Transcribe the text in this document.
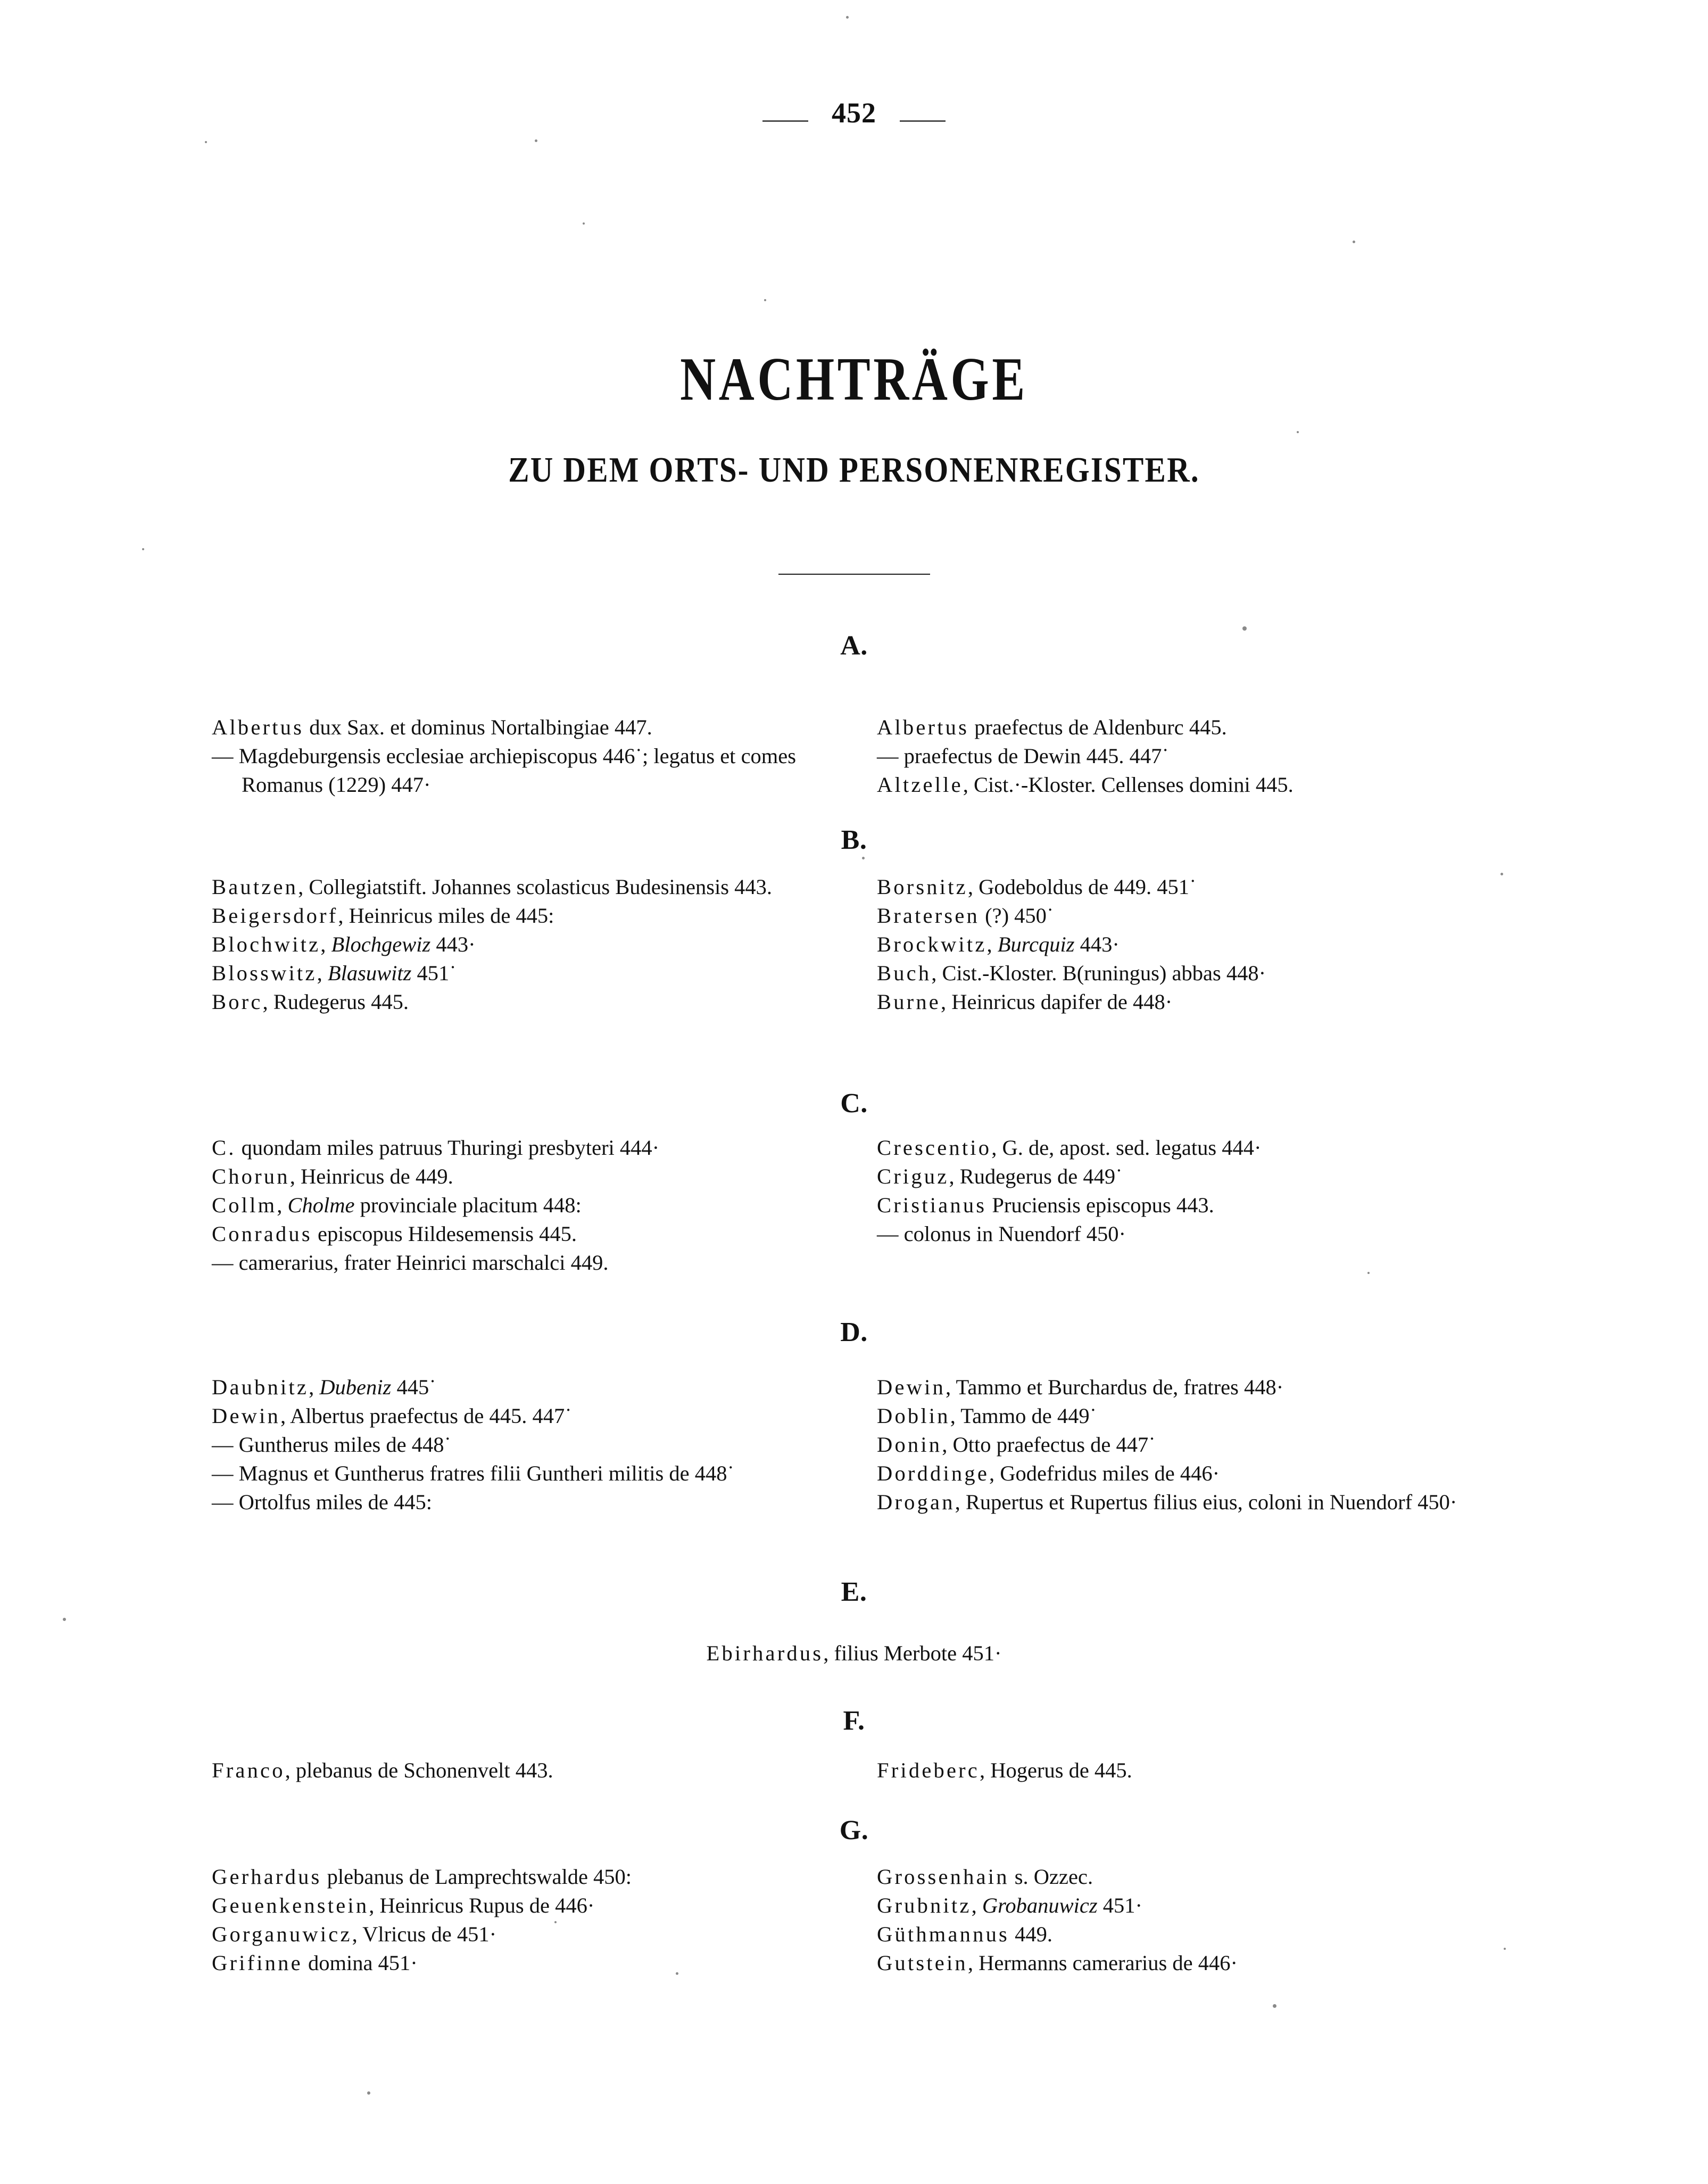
452
NACHTRÄGE
ZU DEM ORTS- UND PERSONENREGISTER.
A.

Albertus dux Sax. et dominus Nortalbingiae 447.

— Magdeburgensis ecclesiae archiepiscopus 446˙; legatus et comes Romanus (1229) 447·

Albertus praefectus de Aldenburc 445.

— praefectus de Dewin 445. 447˙

Altzelle, Cist.·-Kloster. Cellenses domini 445.

B.

Bautzen, Collegiatstift. Johannes scolasticus Budesinensis 443.

Beigersdorf, Heinricus miles de 445:

Blochwitz, Blochgewiz 443·

Blosswitz, Blasuwitz 451˙

Borc, Rudegerus 445.

Borsnitz, Godeboldus de 449. 451˙

Bratersen (?) 450˙

Brockwitz, Burcquiz 443·

Buch, Cist.-Kloster. B(runingus) abbas 448·

Burne, Heinricus dapifer de 448·

C.

C. quondam miles patruus Thuringi presbyteri 444·

Chorun, Heinricus de 449.

Collm, Cholme provinciale placitum 448:

Conradus episcopus Hildesemensis 445.

— camerarius, frater Heinrici marschalci 449.

Crescentio, G. de, apost. sed. legatus 444·

Criguz, Rudegerus de 449˙

Cristianus Pruciensis episcopus 443.

— colonus in Nuendorf 450·

D.

Daubnitz, Dubeniz 445˙

Dewin, Albertus praefectus de 445. 447˙

— Guntherus miles de 448˙

— Magnus et Guntherus fratres filii Guntheri militis de 448˙

— Ortolfus miles de 445:

Dewin, Tammo et Burchardus de, fratres 448·

Doblin, Tammo de 449˙

Donin, Otto praefectus de 447˙

Dorddinge, Godefridus miles de 446·

Drogan, Rupertus et Rupertus filius eius, coloni in Nuendorf 450·

E.

Ebirhardus, filius Merbote 451·

F.

Franco, plebanus de Schonenvelt 443.	Frideberc, Hogerus de 445.

G.

Gerhardus plebanus de Lamprechtswalde 450:

Geuenkenstein, Heinricus Rupus de 446·

Gorganuwicz, Vlricus de 451·

Grifinne domina 451·

Grossenhain s. Ozzec.

Grubnitz, Grobanuwicz 451·

Güthmannus 449.

Gutstein, Hermanns camerarius de 446·
